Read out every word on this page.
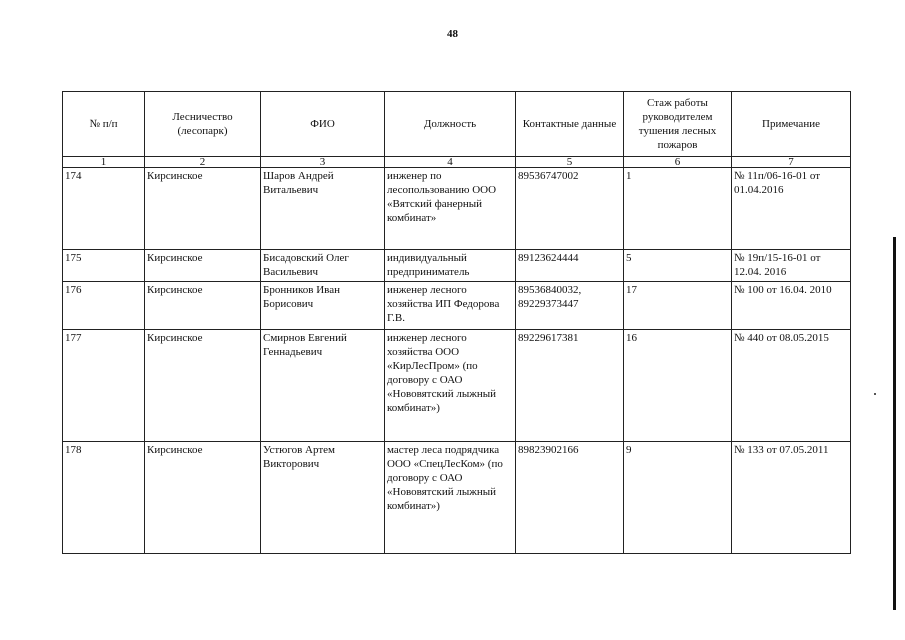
48
№ п/п	Лесничество (лесопарк)	ФИО	Должность	Контактные данные	Стаж работы руководителем тушения лесных пожаров	Примечание
1	2	3	4	5	6	7
174	Кирсинское	Шаров Андрей Витальевич	инженер по лесопользованию ООО «Вятский фанерный комбинат»	89536747002	1	№ 11п/06-16-01 от 01.04.2016
175	Кирсинское	Бисадовский Олег Васильевич	индивидуальный предприниматель	89123624444	5	№ 19п/15-16-01 от 12.04. 2016
176	Кирсинское	Бронников Иван Борисович	инженер лесного хозяйства ИП Федорова Г.В.	89536840032, 89229373447	17	№ 100 от 16.04. 2010
177	Кирсинское	Смирнов Евгений Геннадьевич	инженер лесного хозяйства ООО «КирЛесПром» (по договору с ОАО «Нововятский лыжный комбинат»)	89229617381	16	№ 440 от 08.05.2015
178	Кирсинское	Устюгов Артем Викторович	мастер леса подрядчика ООО «СпецЛесКом» (по договору с ОАО «Нововятский лыжный комбинат»)	89823902166	9	№ 133 от 07.05.2011
